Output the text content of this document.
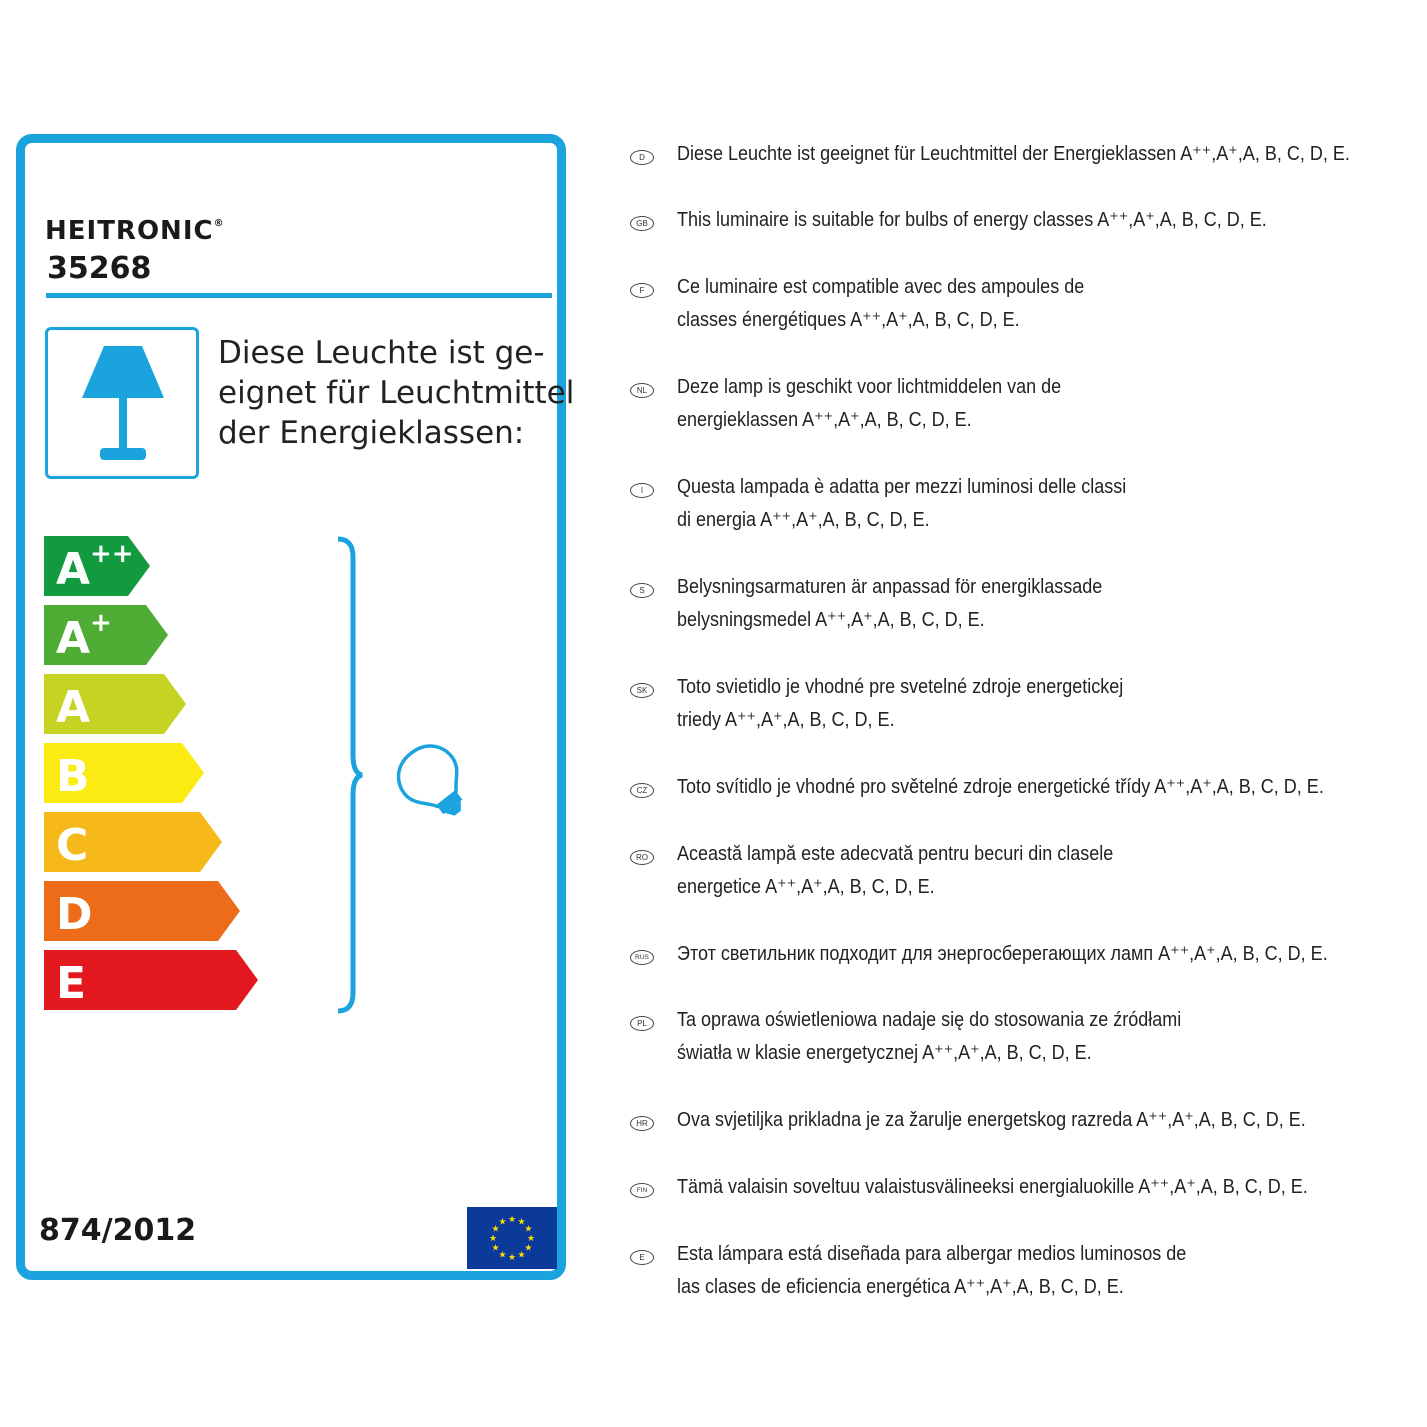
HEITRONIC®
35268
Diese Leuchte ist ge-
eignet für Leuchtmittel
der Energieklassen:
A ++
A +
A
B
C
D
E
874/2012	★ ★
★
★
★
★
★
★
★
★
★
★
D	Diese Leuchte ist geeignet für Leuchtmittel der Energieklassen A⁺⁺,A⁺,A, B, C, D, E.
GB	This luminaire is suitable for bulbs of energy classes A⁺⁺,A⁺,A, B, C, D, E.
F	Ce luminaire est compatible avec des ampoules de
classes énergétiques A⁺⁺,A⁺,A, B, C, D, E.
NL	Deze lamp is geschikt voor lichtmiddelen van de
energieklassen A⁺⁺,A⁺,A, B, C, D, E.
I	Questa lampada è adatta per mezzi luminosi delle classi
di energia A⁺⁺,A⁺,A, B, C, D, E.
S	Belysningsarmaturen är anpassad för energiklassade
belysningsmedel A⁺⁺,A⁺,A, B, C, D, E.
SK	Toto svietidlo je vhodné pre svetelné zdroje energetickej
triedy A⁺⁺,A⁺,A, B, C, D, E.
CZ	Toto svítidlo je vhodné pro světelné zdroje energetické třídy A⁺⁺,A⁺,A, B, C, D, E.
RO	Această lampă este adecvată pentru becuri din clasele
energetice A⁺⁺,A⁺,A, B, C, D, E.
RUS Этот светильник подходит для энергосберегающих ламп A⁺⁺,A⁺,A, B, C, D, E.
PL	Ta oprawa oświetleniowa nadaje się do stosowania ze źródłami
światła w klasie energetycznej A⁺⁺,A⁺,A, B, C, D, E.
HR	Ova svjetiljka prikladna je za žarulje energetskog razreda A⁺⁺,A⁺,A, B, C, D, E.
FIN	Tämä valaisin soveltuu valaistusvälineeksi energialuokille A⁺⁺,A⁺,A, B, C, D, E.
E	Esta lámpara está diseñada para albergar medios luminosos de
las clases de eficiencia energética A⁺⁺,A⁺,A, B, C, D, E.
